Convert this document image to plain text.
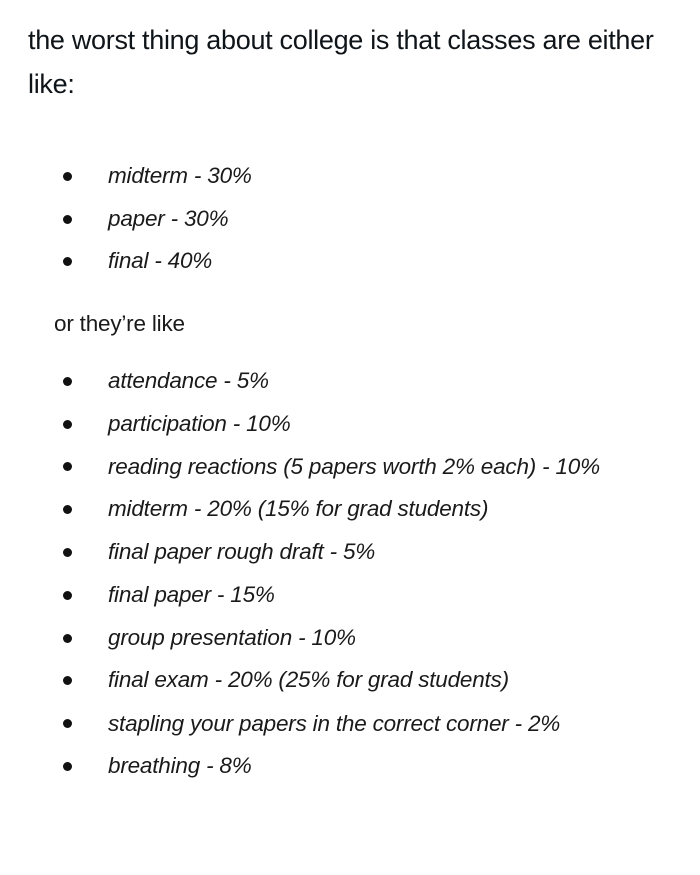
the worst thing about college is that classes are either like:
midterm - 30%
paper - 30%
final - 40%
or they’re like
attendance - 5%
participation - 10%
reading reactions (5 papers worth 2% each) - 10%
midterm - 20% (15% for grad students)
final paper rough draft - 5%
final paper - 15%
group presentation - 10%
final exam - 20% (25% for grad students)
stapling your papers in the correct corner - 2%
breathing - 8%
